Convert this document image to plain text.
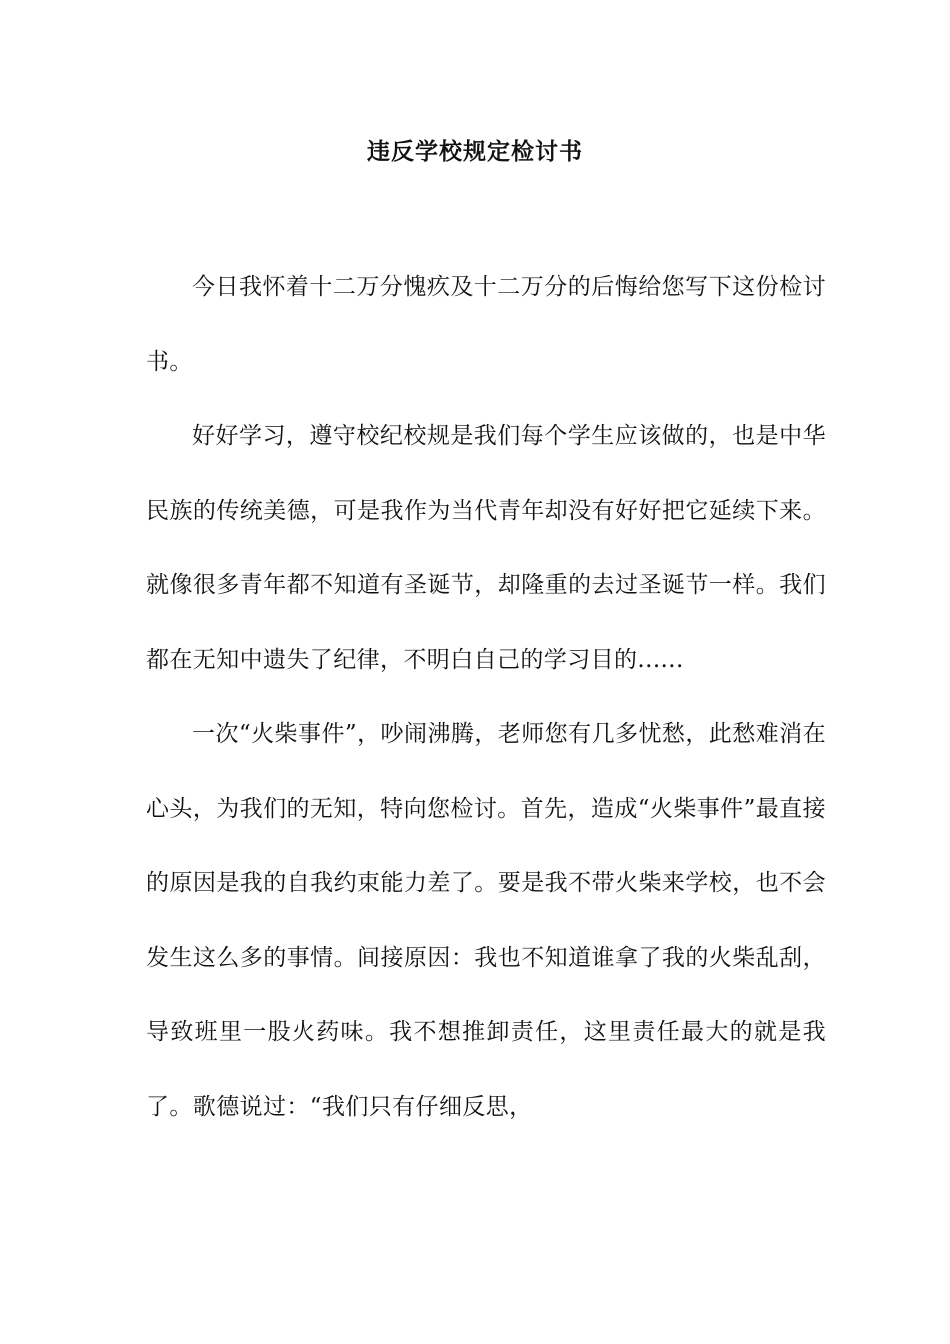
违反学校规定检讨书

今日我怀着十二万分愧疚及十二万分的后悔给您写下这份检讨书。

好好学习，遵守校纪校规是我们每个学生应该做的，也是中华民族的传统美德，可是我作为当代青年却没有好好把它延续下来。就像很多青年都不知道有圣诞节，却隆重的去过圣诞节一样。我们都在无知中遗失了纪律，不明白自己的学习目的......

一次“火柴事件”，吵闹沸腾，老师您有几多忧愁，此愁难消在心头，为我们的无知，特向您检讨。首先，造成“火柴事件”最直接的原因是我的自我约束能力差了。要是我不带火柴来学校，也不会发生这么多的事情。间接原因：我也不知道谁拿了我的火柴乱刮，导致班里一股火药味。我不想推卸责任，这里责任最大的就是我了。歌德说过：“我们只有仔细反思，
